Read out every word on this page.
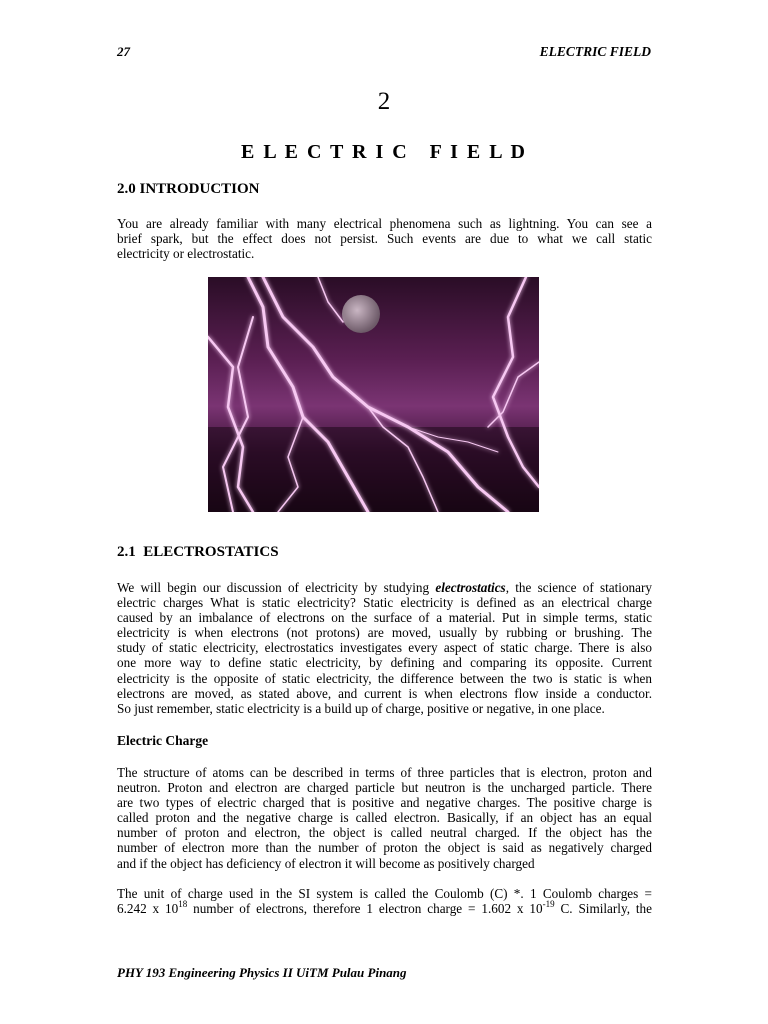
27	ELECTRIC FIELD
2
E L E C T R I C   F I E L D
2.0 INTRODUCTION
You are already familiar with many electrical phenomena such as lightning. You can see a
brief spark, but the effect does not persist. Such events are due to what we call static
electricity or electrostatic.
2.1  ELECTROSTATICS
We will begin our discussion of electricity by studying electrostatics, the science of stationary
electric charges What is static electricity? Static electricity is defined as an electrical charge
caused by an imbalance of electrons on the surface of a material. Put in simple terms, static
electricity is when electrons (not protons) are moved, usually by rubbing or brushing. The
study of static electricity, electrostatics investigates every aspect of static charge. There is also
one more way to define static electricity, by defining and comparing its opposite. Current
electricity is the opposite of static electricity, the difference between the two is static is when
electrons are moved, as stated above, and current is when electrons flow inside a conductor.
So just remember, static electricity is a build up of charge, positive or negative, in one place.
Electric Charge
The structure of atoms can be described in terms of three particles that is electron, proton and
neutron. Proton and electron are charged particle but neutron is the uncharged particle. There
are two types of electric charged that is positive and negative charges. The positive charge is
called proton and the negative charge is called electron. Basically, if an object has an equal
number of proton and electron, the object is called neutral charged. If the object has the
number of electron more than the number of proton the object is said as negatively charged
and if the object has deficiency of electron it will become as positively charged
The unit of charge used in the SI system is called the Coulomb (C) *. 1 Coulomb charges =
6.242 x $10^{18}$ number of electrons, therefore 1 electron charge = 1.602 x $10^{-19}$ C. Similarly, the
PHY 193 Engineering Physics II UiTM Pulau Pinang
